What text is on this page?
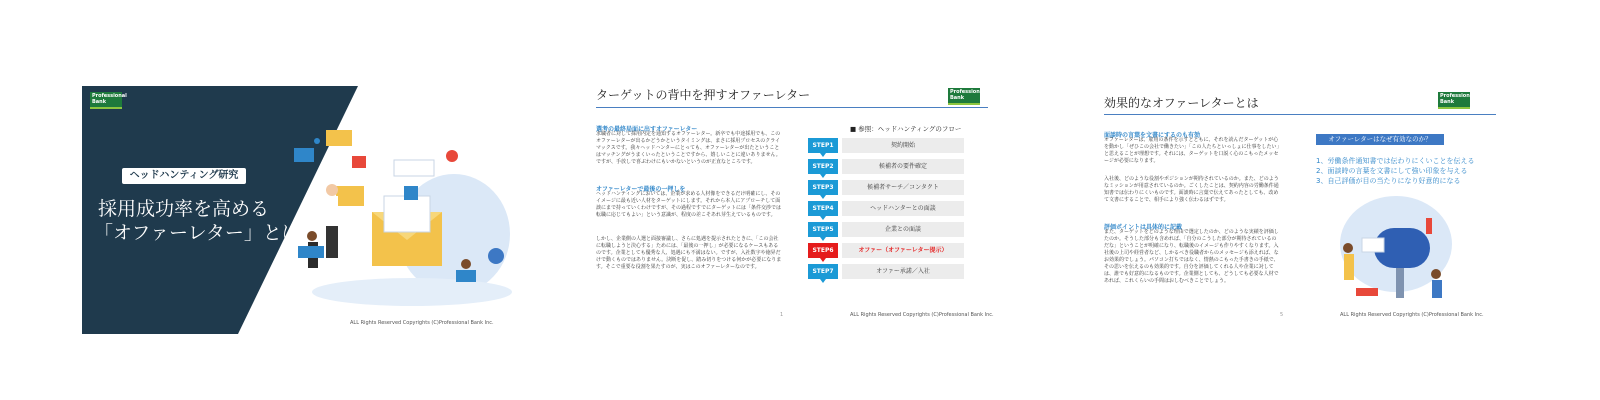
Professional Bank
ヘッドハンティング研究
採用成功率を高める
「オファーレター」とは？
ALL Rights Reserved Copyrights (C)Professional Bank Inc.
ターゲットの背中を押すオファーレター	Professional Bank
選考の最終局面に出すオファーレター
求職者に対して採用内定を通知するオファーレター。新卒でも中途採用でも、このオファーレターが出るかどうかというタイミングは、まさに採用プロセスのクライマックスです。我々ヘッドハンターにとっても、オファーレターが出たということはマッチングがうまくいったということですから、嬉しいことに違いありません。ですが、手放しで喜ぶわけにもいかないというのが正直なところです。
オファーレターで最後の一押しを
ヘッドハンティングにおいては、企業が求める人材像をできるだけ明確にし、そのイメージに最も近い人材をターゲットにします。それから本人にアプローチして面談にまで持っていくわけですが、その過程ですでにターゲットには「条件交渉では転職に応じてもよい」という意識が、程度の差こそあれ芽生えているものです。
しかし、企業側の人選と面接審議し、さらに処遇を提示されたときに、「この会社に転職しようと決心する」ためには、「最後の一押し」が必要になるケースもあるのです。企業としても優秀な人、処遇にも不満はない。ですが、入社数字や徳昇だけで動くものではありません。決断を促し、踏み切りをつける何かが必要になります。そこで重要な役割を果たすのが、実はこのオファーレターなのです。
■ 参照：ヘッドハンティングのフロー
STEP1	契約開始
STEP2	候補者の要件確定
STEP3	候補者サーチ／コンタクト
STEP4	ヘッドハンターとの面談
STEP5	企業との面談
STEP6	オファー（オファーレター提示）
STEP7	オファー承諾／入社
1	ALL Rights Reserved Copyrights (C)Professional Bank Inc.
効果的なオファーレターとは	Professional Bank
面談時の言葉を文書にするのも有効
オファーレターは、雇用の条件を示すとともに、それを読んだターゲットが心を動かし「ぜひこの会社で働きたい」「この人たちといっしょに仕事をしたい」と思えることが理想です。それには、ターゲットを口説く心のこもったメッセージが必要になります。
入社後、どのような役割やポジションが期待されているのか。また、どのようなミッションが用意されているのか。ごくしたことは、契約内容の労働条件通知書では伝わりにくいものです。面談時に言葉で伝えてあったとしても、改めて文書にすることで、相手により強く伝わるはずです。
評価ポイントは具体的に記載
また、ターゲットをどのような理由で選定したのか、どのような実績を評価したのか。そうした部分も含めれば、「自分のこうした部分が期待されているのだな」ということが明確になり、転職後のイメージも作りやすくなります。入社後の上司や経営者など、しかるべき役職者からのメッセージも添えれば、なお効果的でしょう。パソコン打ちではなく、情熱のこもった手書きの手紙で、その思いを伝えるのも効果的です。自分を評価してくれる人や企業に対しては、誰でも好意的になるものです。企業側としても、どうしても必要な人材であれば、これくらいの手間はおしむべきことでしょう。
オファーレターはなぜ有効なのか？
1、労働条件通知書では伝わりにくいことを伝える
2、面談時の言葉を文書にして強い印象を与える
3、自己評価が目の当たりになり好意的になる
5	ALL Rights Reserved Copyrights (C)Professional Bank Inc.
